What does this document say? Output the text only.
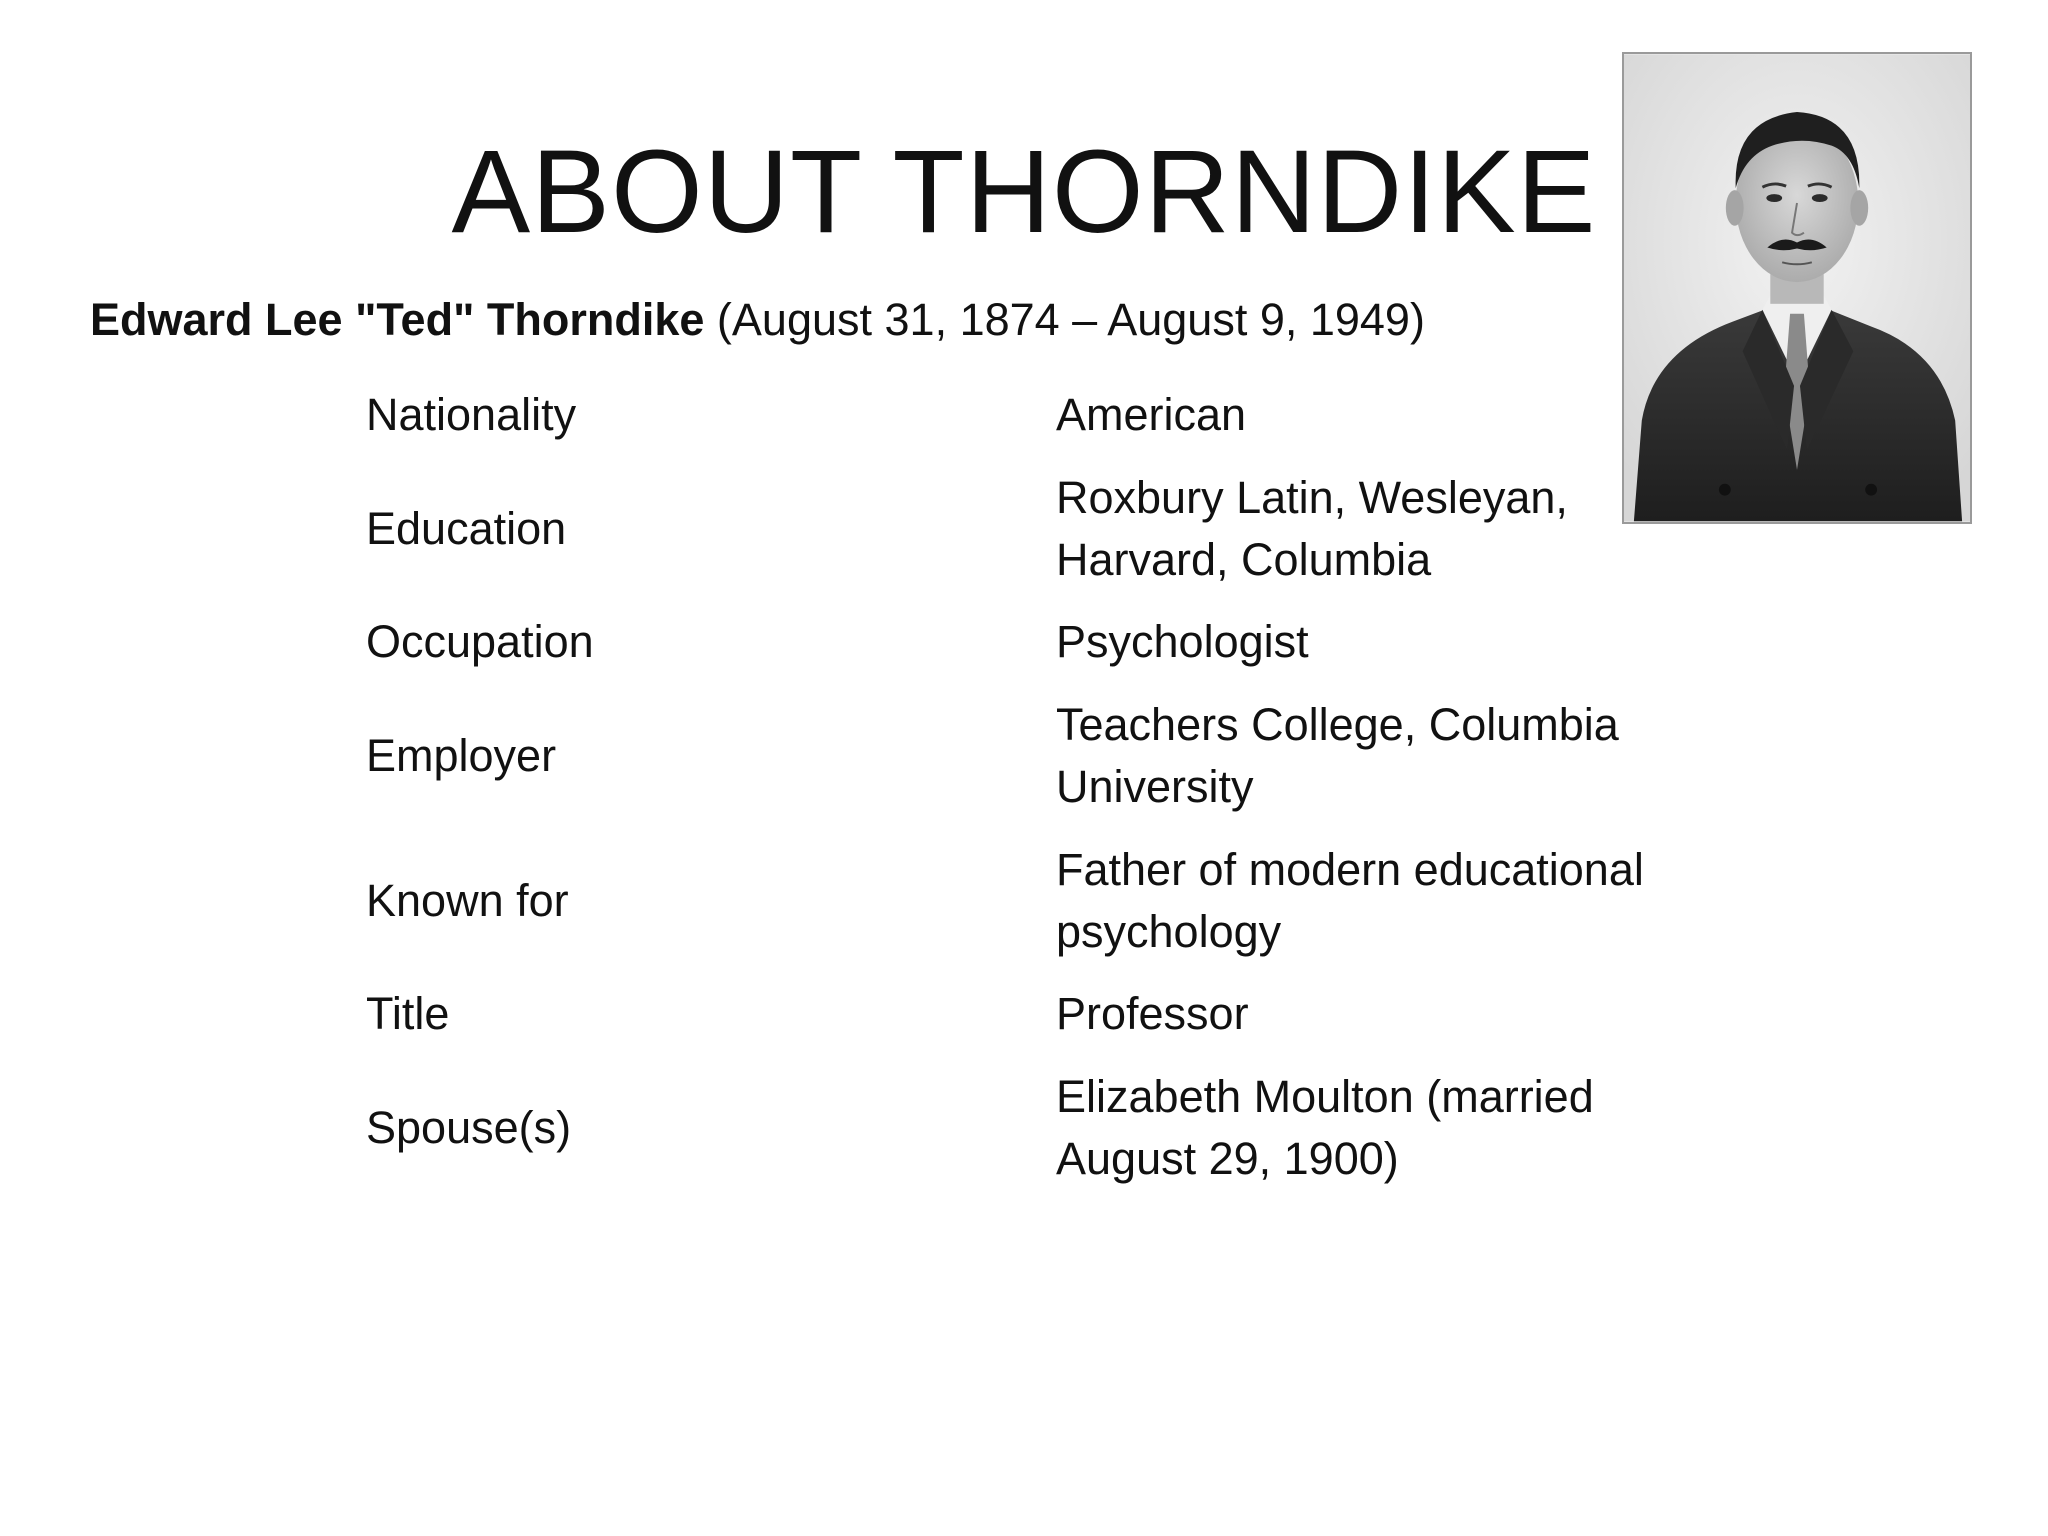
ABOUT THORNDIKE
Edward Lee "Ted" Thorndike (August 31, 1874 – August 9, 1949)
Nationality	American
Education	Roxbury Latin, Wesleyan, Harvard, Columbia
Occupation	Psychologist
Employer	Teachers College, Columbia University
Known for	Father of modern educational psychology
Title	Professor
Spouse(s)	Elizabeth Moulton (married August 29, 1900)
